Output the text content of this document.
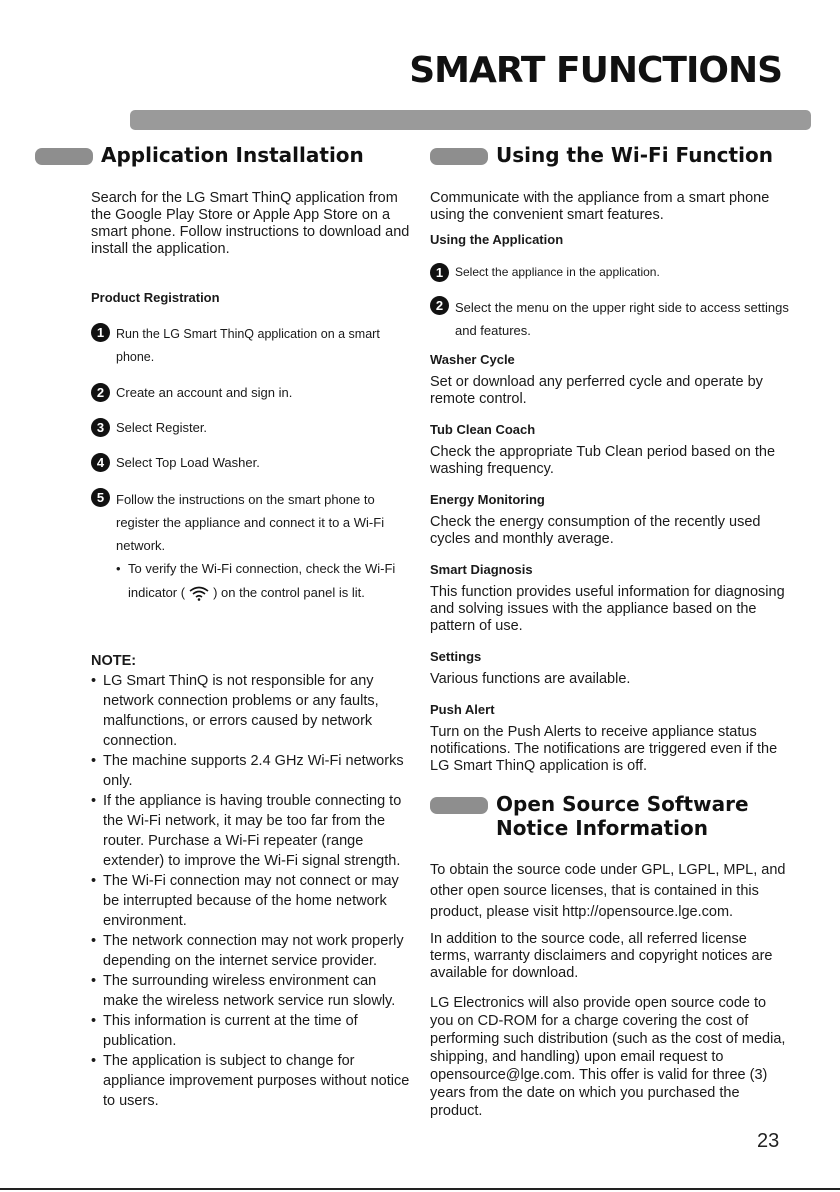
SMART FUNCTIONS
Application Installation

Search for the LG Smart ThinQ application from the Google Play Store or Apple App Store on a smart phone. Follow instructions to download and install the application.

Product Registration

1 Run the LG Smart ThinQ application on a smart phone.
2 Create an account and sign in.
3 Select Register.
4 Select Top Load Washer.
5 Follow the instructions on the smart phone to register the appliance and connect it to a Wi-Fi network.
• To verify the Wi-Fi connection, check the Wi-Fi indicator ( ) on the control panel is lit.

NOTE:

• LG Smart ThinQ is not responsible for any network connection problems or any faults, malfunctions, or errors caused by network connection.
• The machine supports 2.4 GHz Wi-Fi networks only.
• If the appliance is having trouble connecting to the Wi-Fi network, it may be too far from the router. Purchase a Wi-Fi repeater (range extender) to improve the Wi-Fi signal strength.
• The Wi-Fi connection may not connect or may be interrupted because of the home network environment.
• The network connection may not work properly depending on the internet service provider.
• The surrounding wireless environment can make the wireless network service run slowly.
• This information is current at the time of publication.
• The application is subject to change for appliance improvement purposes without notice to users.
Using the Wi-Fi Function

Communicate with the appliance from a smart phone using the convenient smart features.

Using the Application

1 Select the appliance in the application.
2 Select the menu on the upper right side to access settings and features.

Washer Cycle

Set or download any perferred cycle and operate by remote control.

Tub Clean Coach

Check the appropriate Tub Clean period based on the washing frequency.

Energy Monitoring

Check the energy consumption of the recently used cycles and monthly average.

Smart Diagnosis

This function provides useful information for diagnosing and solving issues with the appliance based on the pattern of use.

Settings

Various functions are available.

Push Alert

Turn on the Push Alerts to receive appliance status notifications. The notifications are triggered even if the LG Smart ThinQ application is off.

Open Source Software
Notice Information

To obtain the source code under GPL, LGPL, MPL, and other open source licenses, that is contained in this product, please visit http://opensource.lge.com.

In addition to the source code, all referred license terms, warranty disclaimers and copyright notices are available for download.

LG Electronics will also provide open source code to you on CD-ROM for a charge covering the cost of performing such distribution (such as the cost of media, shipping, and handling) upon email request to opensource@lge.com. This offer is valid for three (3) years from the date on which you purchased the product.

23
